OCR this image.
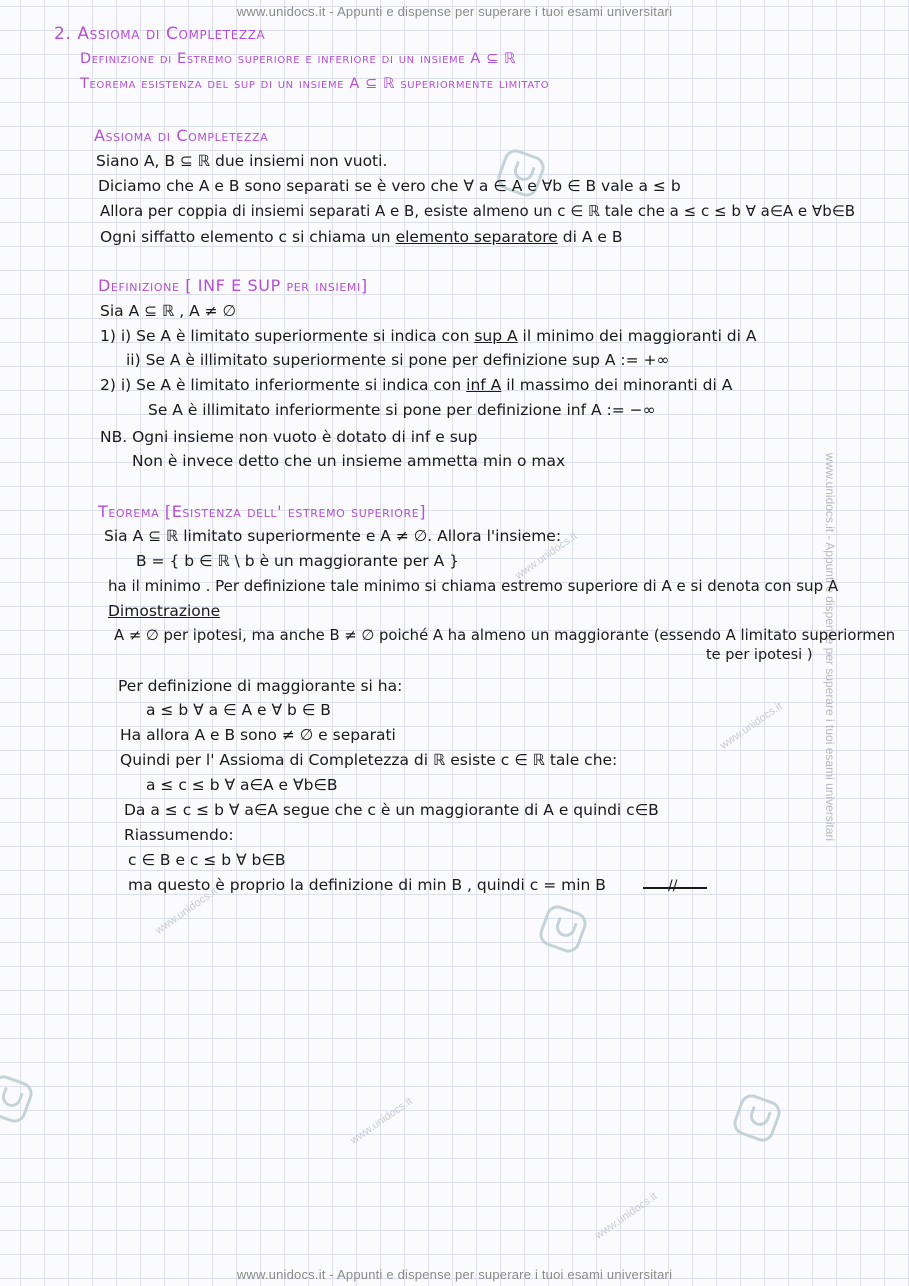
www.unidocs.it - Appunti e dispense per superare i tuoi esami universitari
www.unidocs.it - Appunti e dispense per superare i tuoi esami universitari
www.unidocs.it - Appunti e dispense per superare i tuoi esami universitari
www.unidocs.it
www.unidocs.it
www.unidocs.it
www.unidocs.it
www.unidocs.it
2. Assioma di Completezza
Definizione di Estremo superiore e inferiore di un insieme A ⊆ ℝ
Teorema esistenza del sup di un insieme A ⊆ ℝ superiormente limitato
Assioma di Completezza
Siano A, B ⊆ ℝ due insiemi non vuoti.
Diciamo che A e B sono separati se è vero che ∀ a ∈ A e ∀b ∈ B vale a ≤ b
Allora per coppia di insiemi separati A e B, esiste almeno un c ∈ ℝ tale che a ≤ c ≤ b ∀ a∈A e ∀b∈B
Ogni siffatto elemento c si chiama un elemento separatore di A e B
Definizione [ INF E SUP per insiemi]
Sia A ⊆ ℝ , A ≠ ∅
1) i) Se A è limitato superiormente si indica con sup A il minimo dei maggioranti di A
ii) Se A è illimitato superiormente si pone per definizione sup A := +∞
2) i) Se A è limitato inferiormente si indica con inf A il massimo dei minoranti di A
Se A è illimitato inferiormente si pone per definizione inf A := −∞
NB. Ogni insieme non vuoto è dotato di inf e sup
Non è invece detto che un insieme ammetta min o max
Teorema [Esistenza dell' estremo superiore]
Sia A ⊆ ℝ limitato superiormente e A ≠ ∅. Allora l'insieme:
B = { b ∈ ℝ \ b è un maggiorante per A }
ha il minimo . Per definizione tale minimo si chiama estremo superiore di A e si denota con sup A
Dimostrazione
A ≠ ∅ per ipotesi, ma anche B ≠ ∅ poiché A ha almeno un maggiorante (essendo A limitato superiormen
te per ipotesi )
Per definizione di maggiorante si ha:
a ≤ b ∀ a ∈ A e ∀ b ∈ B
Ha allora A e B sono ≠ ∅ e separati
Quindi per l' Assioma di Completezza di ℝ esiste c ∈ ℝ tale che:
a ≤ c ≤ b ∀ a∈A e ∀b∈B
Da a ≤ c ≤ b ∀ a∈A segue che c è un maggiorante di A e quindi c∈B
Riassumendo:
c ∈ B e c ≤ b ∀ b∈B
ma questo è proprio la definizione di min B , quindi c = min B	//
